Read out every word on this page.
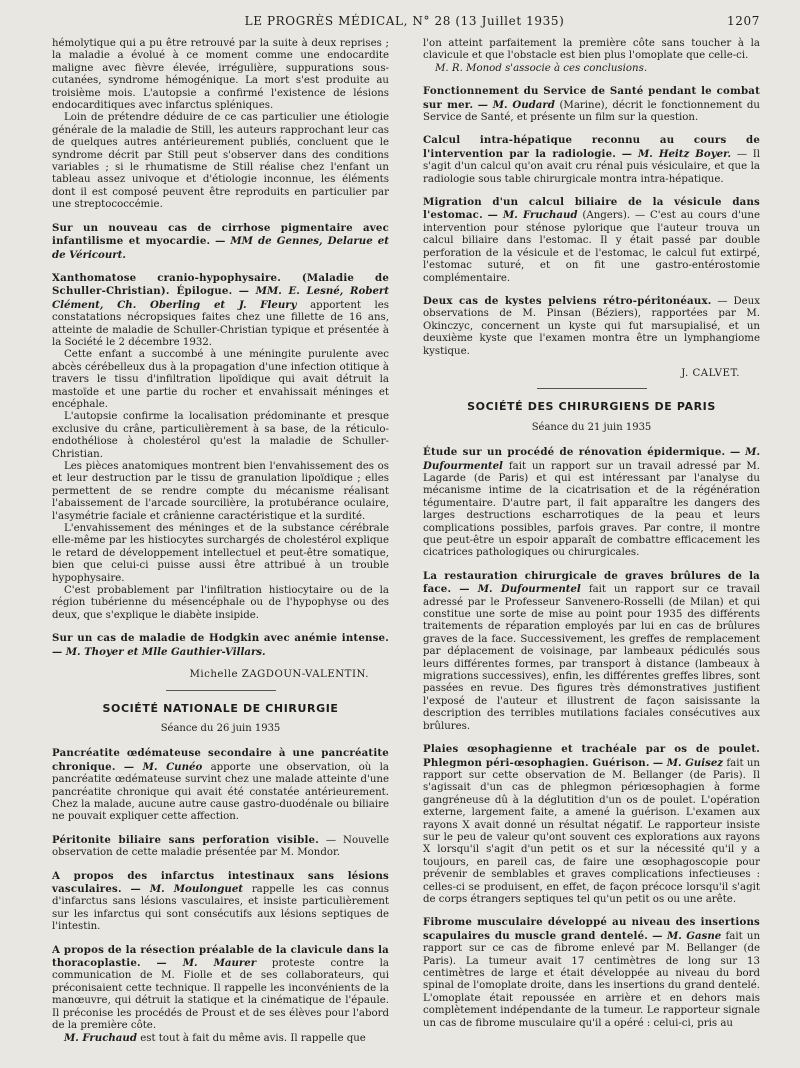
LE PROGRÈS MÉDICAL, N° 28 (13 Juillet 1935)	1207

hémolytique qui a pu être retrouvé par la suite à deux reprises ; la maladie a évolué à ce moment comme une endocardite maligne avec fièvre élevée, irrégulière, suppurations sous-cutanées, syndrome hémogénique. La mort s'est produite au troisième mois. L'autopsie a confirmé l'existence de lésions endocarditiques avec infarctus spléniques.

Loin de prétendre déduire de ce cas particulier une étiologie générale de la maladie de Still, les auteurs rapprochant leur cas de quelques autres antérieurement publiés, concluent que le syndrome décrit par Still peut s'observer dans des conditions variables ; si le rhumatisme de Still réalise chez l'enfant un tableau assez univoque et d'étiologie inconnue, les éléments dont il est composé peuvent être reproduits en particulier par une streptococcémie.

Sur un nouveau cas de cirrhose pigmentaire avec infantilisme et myocardie. — MM de Gennes, Delarue et de Véricourt.

Xanthomatose cranio-hypophysaire. (Maladie de Schuller-Christian). Épilogue. — MM. E. Lesné, Robert Clément, Ch. Oberling et J. Fleury apportent les constatations nécropsiques faites chez une fillette de 16 ans, atteinte de maladie de Schuller-Christian typique et présentée à la Société le 2 décembre 1932.

Cette enfant a succombé à une méningite purulente avec abcès cérébelleux dus à la propagation d'une infection otitique à travers le tissu d'infiltration lipoïdique qui avait détruit la mastoïde et une partie du rocher et envahissait méninges et encéphale.

L'autopsie confirme la localisation prédominante et presque exclusive du crâne, particulièrement à sa base, de la réticulo-endothéliose à cholestérol qu'est la maladie de Schuller-Christian.

Les pièces anatomiques montrent bien l'envahissement des os et leur destruction par le tissu de granulation lipoïdique ; elles permettent de se rendre compte du mécanisme réalisant l'abaissement de l'arcade sourcilière, la protubérance oculaire, l'asymétrie faciale et crânienne caractéristique et la surdité.

L'envahissement des méninges et de la substance cérébrale elle-même par les histiocytes surchargés de cholestérol explique le retard de développement intellectuel et peut-être somatique, bien que celui-ci puisse aussi être attribué à un trouble hypophysaire.

C'est probablement par l'infiltration histiocytaire ou de la région tubérienne du mésencéphale ou de l'hypophyse ou des deux, que s'explique le diabète insipide.

Sur un cas de maladie de Hodgkin avec anémie intense. — M. Thoyer et Mlle Gauthier-Villars.

Michelle ZAGDOUN-VALENTIN.
SOCIÉTÉ NATIONALE DE CHIRURGIE
Séance du 26 juin 1935

Pancréatite œdémateuse secondaire à une pancréatite chronique. — M. Cunéo apporte une observation, où la pancréatite œdémateuse survint chez une malade atteinte d'une pancréatite chronique qui avait été constatée antérieurement. Chez la malade, aucune autre cause gastro-duodénale ou biliaire ne pouvait expliquer cette affection.

Péritonite biliaire sans perforation visible. — Nouvelle observation de cette maladie présentée par M. Mondor.

A propos des infarctus intestinaux sans lésions vasculaires. — M. Moulonguet rappelle les cas connus d'infarctus sans lésions vasculaires, et insiste particulièrement sur les infarctus qui sont consécutifs aux lésions septiques de l'intestin.

A propos de la résection préalable de la clavicule dans la thoracoplastie. — M. Maurer proteste contre la communication de M. Fiolle et de ses collaborateurs, qui préconisaient cette technique. Il rappelle les inconvénients de la manœuvre, qui détruit la statique et la cinématique de l'épaule. Il préconise les procédés de Proust et de ses élèves pour l'abord de la première côte.

M. Fruchaud est tout à fait du même avis. Il rappelle que

l'on atteint parfaitement la première côte sans toucher à la clavicule et que l'obstacle est bien plus l'omoplate que celle-ci.

M. R. Monod s'associe à ces conclusions.

Fonctionnement du Service de Santé pendant le combat sur mer. — M. Oudard (Marine), décrit le fonctionnement du Service de Santé, et présente un film sur la question.

Calcul intra-hépatique reconnu au cours de l'intervention par la radiologie. — M. Heitz Boyer. — Il s'agit d'un calcul qu'on avait cru rénal puis vésiculaire, et que la radiologie sous table chirurgicale montra intra-hépatique.

Migration d'un calcul biliaire de la vésicule dans l'estomac. — M. Fruchaud (Angers). — C'est au cours d'une intervention pour sténose pylorique que l'auteur trouva un calcul biliaire dans l'estomac. Il y était passé par double perforation de la vésicule et de l'estomac, le calcul fut extirpé, l'estomac suturé, et on fit une gastro-entérostomie complémentaire.

Deux cas de kystes pelviens rétro-péritonéaux. — Deux observations de M. Pinsan (Béziers), rapportées par M. Okinczyc, concernent un kyste qui fut marsupialisé, et un deuxième kyste que l'examen montra être un lymphangiome kystique.

J. CALVET.
SOCIÉTÉ DES CHIRURGIENS DE PARIS
Séance du 21 juin 1935

Étude sur un procédé de rénovation épidermique. — M. Dufourmentel fait un rapport sur un travail adressé par M. Lagarde (de Paris) et qui est intéressant par l'analyse du mécanisme intime de la cicatrisation et de la régénération tégumentaire. D'autre part, il fait apparaître les dangers des larges destructions escharrotiques de la peau et leurs complications possibles, parfois graves. Par contre, il montre que peut-être un espoir apparaît de combattre efficacement les cicatrices pathologiques ou chirurgicales.

La restauration chirurgicale de graves brûlures de la face. — M. Dufourmentel fait un rapport sur ce travail adressé par le Professeur Sanvenero-Rosselli (de Milan) et qui constitue une sorte de mise au point pour 1935 des différents traitements de réparation employés par lui en cas de brûlures graves de la face. Successivement, les greffes de remplacement par déplacement de voisinage, par lambeaux pédiculés sous leurs différentes formes, par transport à distance (lambeaux à migrations successives), enfin, les différentes greffes libres, sont passées en revue. Des figures très démonstratives justifient l'exposé de l'auteur et illustrent de façon saisissante la description des terribles mutilations faciales consécutives aux brûlures.

Plaies œsophagienne et trachéale par os de poulet. Phlegmon péri-œsophagien. Guérison. — M. Guisez fait un rapport sur cette observation de M. Bellanger (de Paris). Il s'agissait d'un cas de phlegmon périœsophagien à forme gangréneuse dû à la déglutition d'un os de poulet. L'opération externe, largement faite, a amené la guérison. L'examen aux rayons X avait donné un résultat négatif. Le rapporteur insiste sur le peu de valeur qu'ont souvent ces explorations aux rayons X lorsqu'il s'agit d'un petit os et sur la nécessité qu'il y a toujours, en pareil cas, de faire une œsophagoscopie pour prévenir de semblables et graves complications infectieuses : celles-ci se produisent, en effet, de façon précoce lorsqu'il s'agit de corps étrangers septiques tel qu'un petit os ou une arête.

Fibrome musculaire développé au niveau des insertions scapulaires du muscle grand dentelé. — M. Gasne fait un rapport sur ce cas de fibrome enlevé par M. Bellanger (de Paris). La tumeur avait 17 centimètres de long sur 13 centimètres de large et était développée au niveau du bord spinal de l'omoplate droite, dans les insertions du grand dentelé. L'omoplate était repoussée en arrière et en dehors mais complètement indépendante de la tumeur. Le rapporteur signale un cas de fibrome musculaire qu'il a opéré : celui-ci, pris au
